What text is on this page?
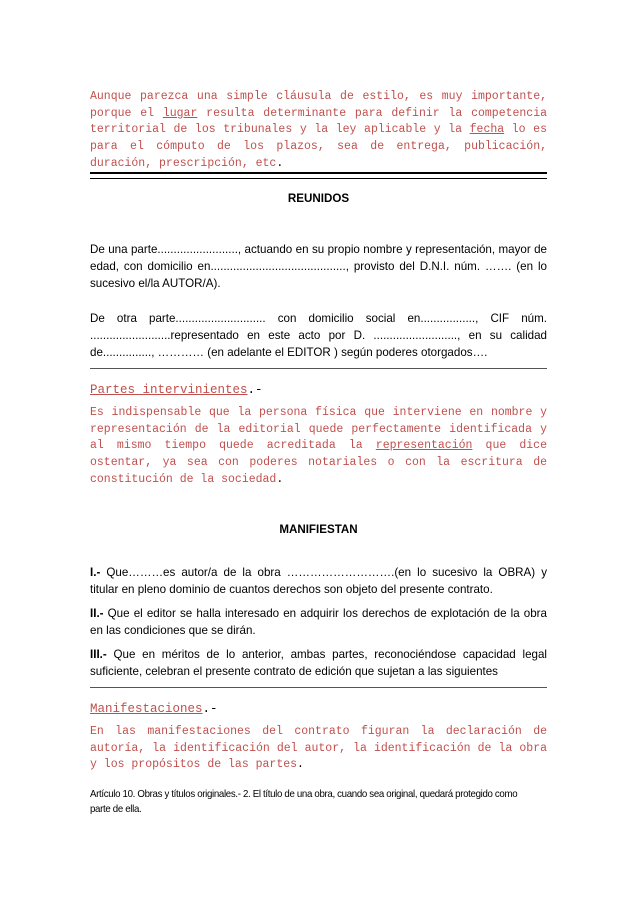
Aunque parezca una simple cláusula de estilo, es muy importante, porque el lugar resulta determinante para definir la competencia territorial de los tribunales y la ley aplicable y la fecha lo es para el cómputo de los plazos, sea de entrega, publicación, duración, prescripción, etc.

REUNIDOS

De una parte........................., actuando en su propio nombre y representación, mayor de edad, con domicilio en.........................................., provisto del D.N.I. núm. ……. (en lo sucesivo el/la AUTOR/A).

De otra parte............................ con domicilio social en................., CIF núm. .........................representado en este acto por D. .........................., en su calidad de..............., ………… (en adelante el EDITOR ) según poderes otorgados….

Partes intervinientes.-

Es indispensable que la persona física que interviene en nombre y representación de la editorial quede perfectamente identificada y al mismo tiempo quede acreditada la representación que dice ostentar, ya sea con poderes notariales o con la escritura de constitución de la sociedad.

MANIFIESTAN

I.- Que………es autor/a de la obra ……………………….(en lo sucesivo la OBRA) y titular en pleno dominio de cuantos derechos son objeto del presente contrato.

II.- Que el editor se halla interesado en adquirir los derechos de explotación de la obra en las condiciones que se dirán.

III.- Que en méritos de lo anterior, ambas partes, reconociéndose capacidad legal suficiente, celebran el presente contrato de edición que sujetan a las siguientes

Manifestaciones.-

En las manifestaciones del contrato figuran la declaración de autoría, la identificación del autor, la identificación de la obra y los propósitos de las partes.

Artículo 10. Obras y títulos originales.- 2. El título de una obra, cuando sea original, quedará protegido como parte de ella.
